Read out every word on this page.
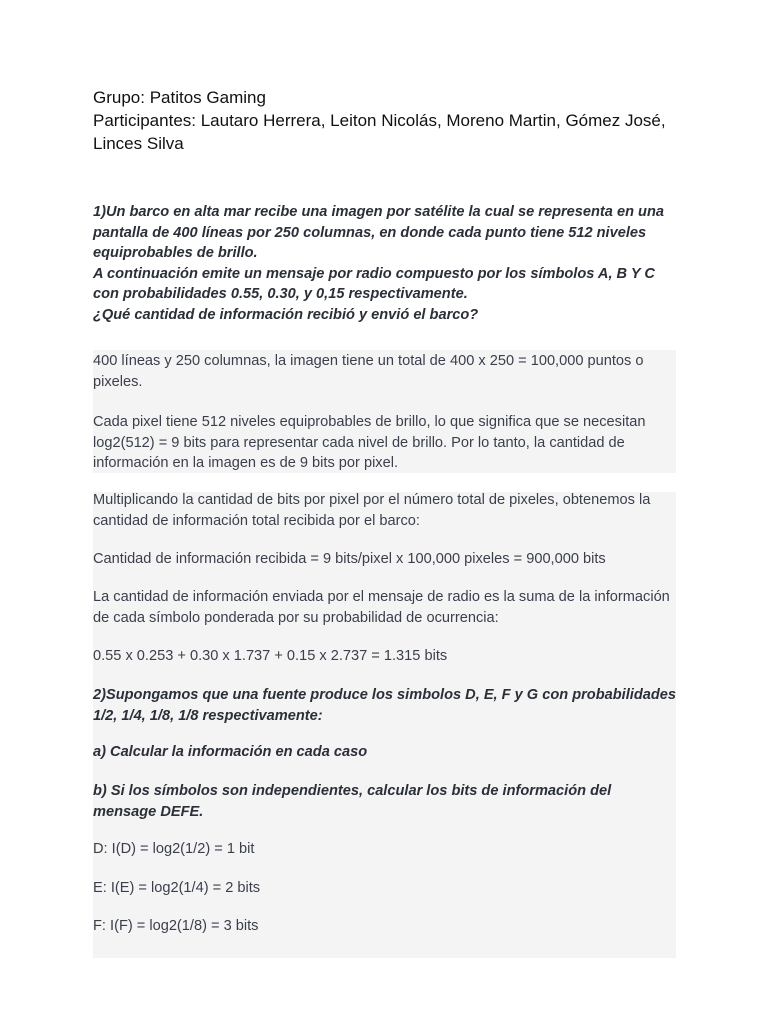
Grupo: Patitos Gaming

Participantes: Lautaro Herrera, Leiton Nicolás, Moreno Martin, Gómez José, Linces Silva

1)Un barco en alta mar recibe una imagen por satélite la cual se representa en una pantalla de 400 líneas por 250 columnas, en donde cada punto tiene 512 niveles equiprobables de brillo.

A continuación emite un mensaje por radio compuesto por los símbolos A, B Y C con probabilidades 0.55, 0.30, y 0,15 respectivamente.

¿Qué cantidad de información recibió y envió el barco?

400 líneas y 250 columnas, la imagen tiene un total de 400 x 250 = 100,000 puntos o pixeles.

Cada pixel tiene 512 niveles equiprobables de brillo, lo que significa que se necesitan log2(512) = 9 bits para representar cada nivel de brillo. Por lo tanto, la cantidad de información en la imagen es de 9 bits por pixel.

Multiplicando la cantidad de bits por pixel por el número total de pixeles, obtenemos la cantidad de información total recibida por el barco:

Cantidad de información recibida = 9 bits/pixel x 100,000 pixeles = 900,000 bits

La cantidad de información enviada por el mensaje de radio es la suma de la información de cada símbolo ponderada por su probabilidad de ocurrencia:

0.55 x 0.253 + 0.30 x 1.737 + 0.15 x 2.737 = 1.315 bits

2)Supongamos que una fuente produce los simbolos D, E, F y G con probabilidades 1/2, 1/4, 1/8, 1/8 respectivamente:

a) Calcular la información en cada caso

b) Si los símbolos son independientes, calcular los bits de información del mensage DEFE.

D: I(D) = log2(1/2) = 1 bit

E: I(E) = log2(1/4) = 2 bits

F: I(F) = log2(1/8) = 3 bits
